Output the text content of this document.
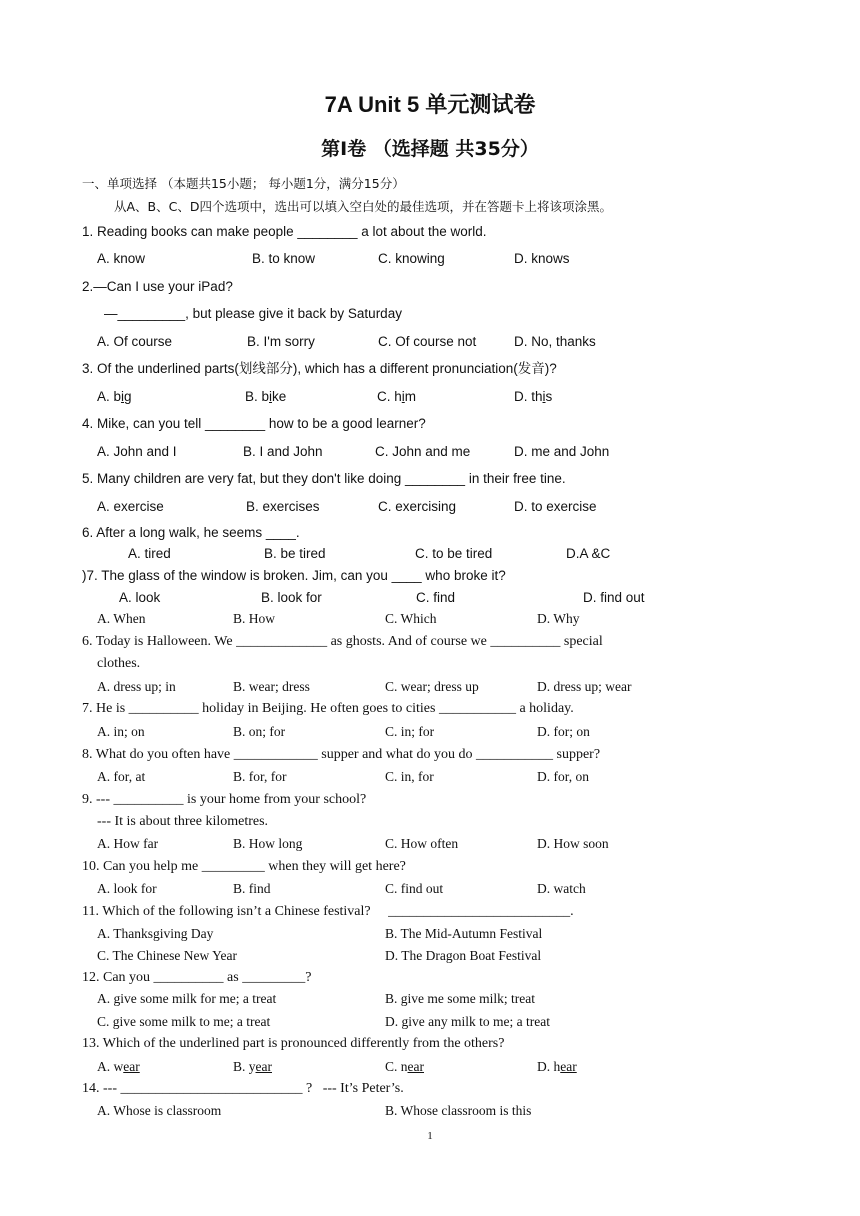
7A Unit 5 单元测试卷
第Ⅰ卷 （选择题 共35分）
一、单项选择 （本题共15小题； 每小题1分，满分15分）
从A、B、C、D四个选项中，选出可以填入空白处的最佳选项，并在答题卡上将该项涂黑。
1. Reading books can make people ________ a lot about the world.
A. know	B. to know	C. knowing	D. knows
2.—Can I use your iPad?
—_________, but please give it back by Saturday
A. Of course	B. I'm sorry	C. Of course not	D. No, thanks
3. Of the underlined parts(划线部分), which has a different pronunciation(发音)?
A. big	B. bike	C. him	D. this
4. Mike, can you tell ________ how to be a good learner?
A. John and I	B. I and John	C. John and me	D. me and John
5. Many children are very fat, but they don't like doing ________ in their free tine.
A. exercise	B. exercises	C. exercising	D. to exercise
6. After a long walk, he seems ____.
A. tired	B. be tired	C. to be tired	D.A &C
)7. The glass of the window is broken. Jim, can you ____ who broke it?
A. look	B. look for	C. find	D. find out
A. When	B. How	C. Which	D. Why
6. Today is Halloween. We _____________ as ghosts. And of course we __________ special
clothes.
A. dress up; in	B. wear; dress	C. wear; dress up	D. dress up; wear
7. He is __________ holiday in Beijing. He often goes to cities ___________ a holiday.
A. in; on	B. on; for	C. in; for	D. for; on
8. What do you often have ____________ supper and what do you do ___________ supper?
A. for, at	B. for, for	C. in, for	D. for, on
9. --- __________ is your home from your school?
--- It is about three kilometres.
A. How far	B. How long	C. How often	D. How soon
10. Can you help me _________ when they will get here?
A. look for	B. find	C. find out	D. watch
11. Which of the following isn’t a Chinese festival?     __________________________.
A. Thanksgiving Day	B. The Mid-Autumn Festival
C. The Chinese New Year	D. The Dragon Boat Festival
12. Can you __________ as _________?
A. give some milk for me; a treat	B. give me some milk; treat
C. give some milk to me; a treat	D. give any milk to me; a treat
13. Which of the underlined part is pronounced differently from the others?
A. wear	B. year	C. near	D. hear
14. --- __________________________ ?   --- It’s Peter’s.
A. Whose is classroom	B. Whose classroom is this
1
